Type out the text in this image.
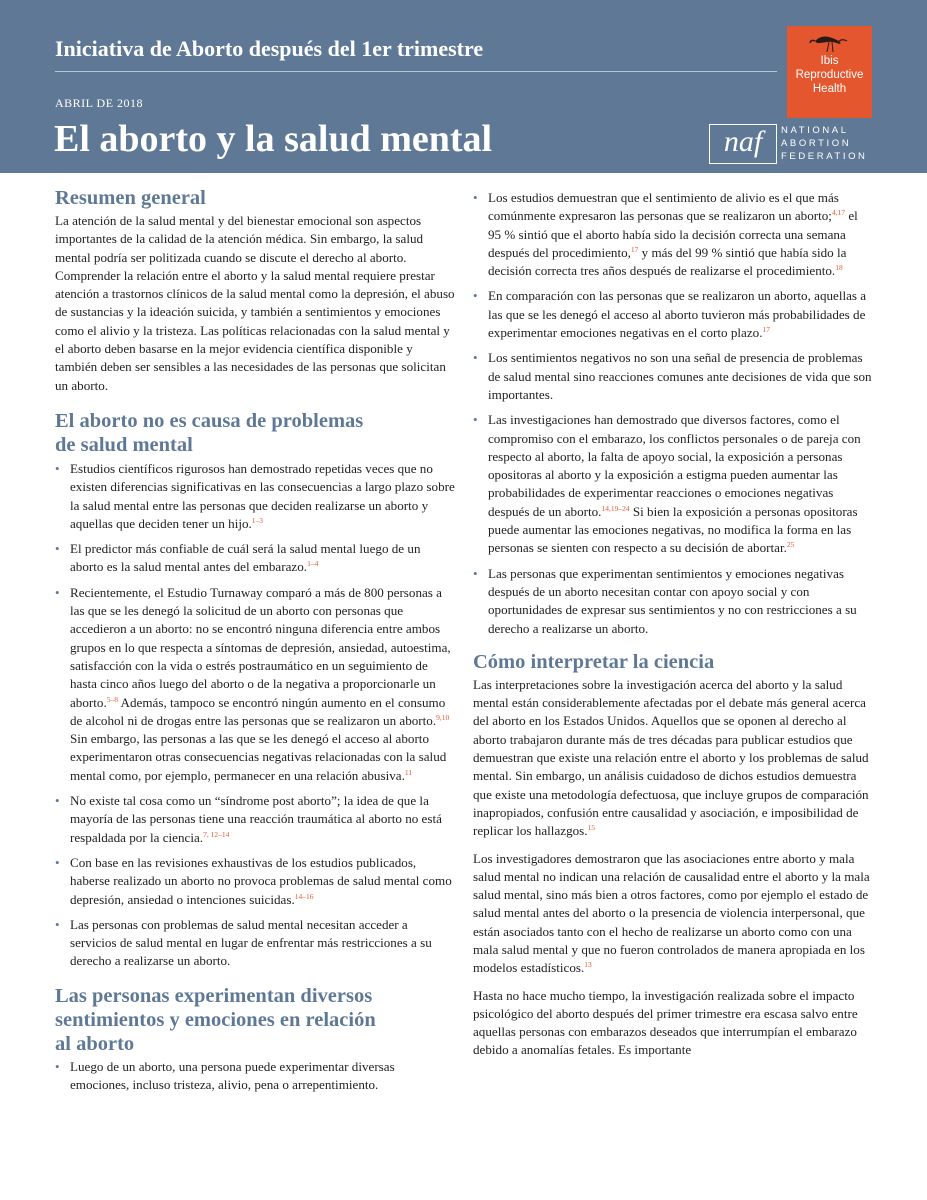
Iniciativa de Aborto después del 1er trimestre
ABRIL DE 2018
El aborto y la salud mental
Ibis
Reproductive
Health
naf	NATIONAL
ABORTION
FEDERATION
Resumen general

La atención de la salud mental y del bienestar emocional son aspectos importantes de la calidad de la atención médica. Sin embargo, la salud mental podría ser politizada cuando se discute el derecho al aborto. Comprender la relación entre el aborto y la salud mental requiere prestar atención a trastornos clínicos de la salud mental como la depresión, el abuso de sustancias y la ideación suicida, y también a sentimientos y emociones como el alivio y la tristeza. Las políticas relacionadas con la salud mental y el aborto deben basarse en la mejor evidencia científica disponible y también deben ser sensibles a las necesidades de las personas que solicitan un aborto.

El aborto no es causa de problemas
de salud mental
• Estudios científicos rigurosos han demostrado repetidas veces que no existen diferencias significativas en las consecuencias a largo plazo sobre la salud mental entre las personas que deciden realizarse un aborto y aquellas que deciden tener un hijo.$^{1-3}$
• El predictor más confiable de cuál será la salud mental luego de un aborto es la salud mental antes del embarazo.$^{1-4}$
• Recientemente, el Estudio Turnaway comparó a más de 800 personas a las que se les denegó la solicitud de un aborto con personas que accedieron a un aborto: no se encontró ninguna diferencia entre ambos grupos en lo que respecta a síntomas de depresión, ansiedad, autoestima, satisfacción con la vida o estrés postraumático en un seguimiento de hasta cinco años luego del aborto o de la negativa a proporcionarle un aborto.$^{5-8}$ Además, tampoco se encontró ningún aumento en el consumo de alcohol ni de drogas entre las personas que se realizaron un aborto.$^{9,10}$ Sin embargo, las personas a las que se les denegó el acceso al aborto experimentaron otras consecuencias negativas relacionadas con la salud mental como, por ejemplo, permanecer en una relación abusiva.$^{11}$
• No existe tal cosa como un “síndrome post aborto”; la idea de que la mayoría de las personas tiene una reacción traumática al aborto no está respaldada por la ciencia.$^{7, 12-14}$
• Con base en las revisiones exhaustivas de los estudios publicados, haberse realizado un aborto no provoca problemas de salud mental como depresión, ansiedad o intenciones suicidas.$^{14-16}$
• Las personas con problemas de salud mental necesitan acceder a servicios de salud mental en lugar de enfrentar más restricciones a su derecho a realizarse un aborto.
Las personas experimentan diversos
sentimientos y emociones en relación
al aborto
• Luego de un aborto, una persona puede experimentar diversas emociones, incluso tristeza, alivio, pena o arrepentimiento.
• Los estudios demuestran que el sentimiento de alivio es el que más comúnmente expresaron las personas que se realizaron un aborto;$^{4,17}$ el 95 % sintió que el aborto había sido la decisión correcta una semana después del procedimiento,$^{17}$ y más del 99 % sintió que había sido la decisión correcta tres años después de realizarse el procedimiento.$^{18}$
• En comparación con las personas que se realizaron un aborto, aquellas a las que se les denegó el acceso al aborto tuvieron más probabilidades de experimentar emociones negativas en el corto plazo.$^{17}$
• Los sentimientos negativos no son una señal de presencia de problemas de salud mental sino reacciones comunes ante decisiones de vida que son importantes.
• Las investigaciones han demostrado que diversos factores, como el compromiso con el embarazo, los conflictos personales o de pareja con respecto al aborto, la falta de apoyo social, la exposición a personas opositoras al aborto y la exposición a estigma pueden aumentar las probabilidades de experimentar reacciones o emociones negativas después de un aborto.$^{14,19-24}$ Si bien la exposición a personas opositoras puede aumentar las emociones negativas, no modifica la forma en las personas se sienten con respecto a su decisión de abortar.$^{25}$
• Las personas que experimentan sentimientos y emociones negativas después de un aborto necesitan contar con apoyo social y con oportunidades de expresar sus sentimientos y no con restricciones a su derecho a realizarse un aborto.
Cómo interpretar la ciencia

Las interpretaciones sobre la investigación acerca del aborto y la salud mental están considerablemente afectadas por el debate más general acerca del aborto en los Estados Unidos. Aquellos que se oponen al derecho al aborto trabajaron durante más de tres décadas para publicar estudios que demuestran que existe una relación entre el aborto y los problemas de salud mental. Sin embargo, un análisis cuidadoso de dichos estudios demuestra que existe una metodología defectuosa, que incluye grupos de comparación inapropiados, confusión entre causalidad y asociación, e imposibilidad de replicar los hallazgos.$^{15}$

Los investigadores demostraron que las asociaciones entre aborto y mala salud mental no indican una relación de causalidad entre el aborto y la mala salud mental, sino más bien a otros factores, como por ejemplo el estado de salud mental antes del aborto o la presencia de violencia interpersonal, que están asociados tanto con el hecho de realizarse un aborto como con una mala salud mental y que no fueron controlados de manera apropiada en los modelos estadísticos.$^{13}$

Hasta no hace mucho tiempo, la investigación realizada sobre el impacto psicológico del aborto después del primer trimestre era escasa salvo entre aquellas personas con embarazos deseados que interrumpían el embarazo debido a anomalías fetales. Es importante
